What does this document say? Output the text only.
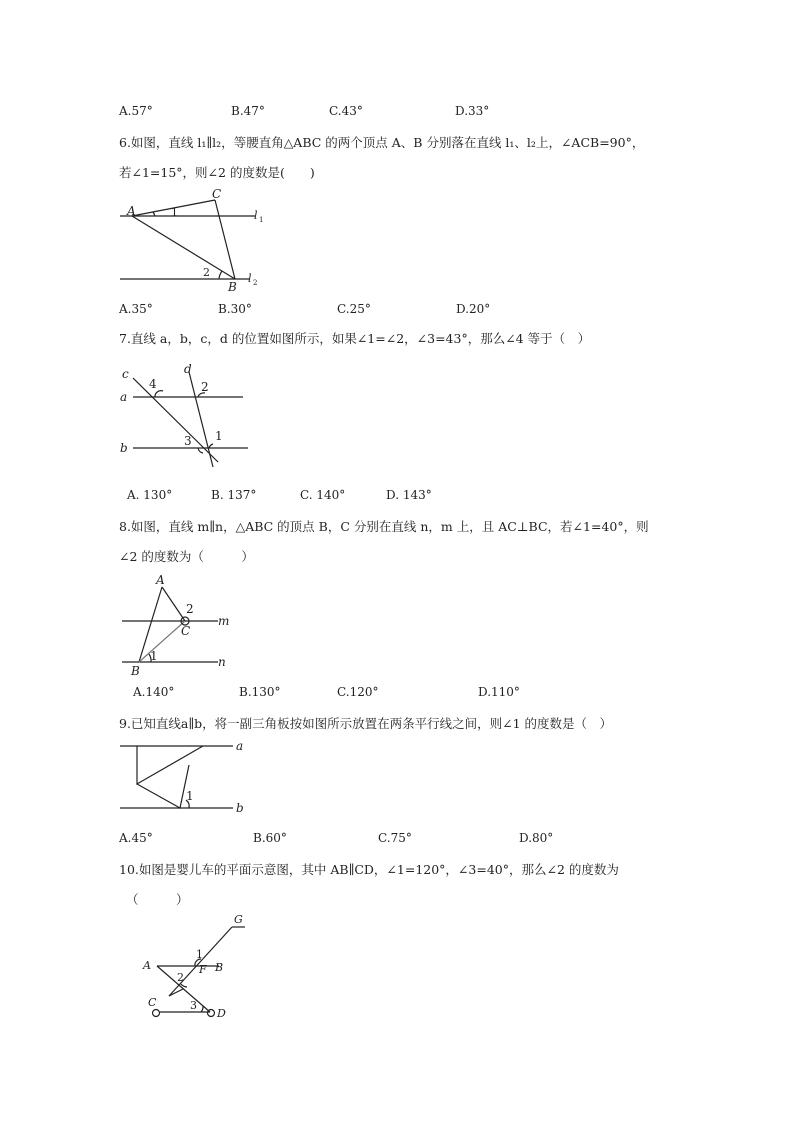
A.57°	B.47°	C.43°	D.33°
6.如图，直线 l₁∥l₂，等腰直角△ABC 的两个顶点 A、B 分别落在直线 l₁、l₂上，∠ACB=90°，
若∠1=15°，则∠2 的度数是(　　)
A
C
B
1
2
l 1
l 2
A.35°	B.30°	C.25°	D.20°
7.直线 a，b，c，d 的位置如图所示，如果∠1=∠2，∠3=43°，那么∠4 等于（　）
c	d
a
b
4	2
3 1
A. 130°	B. 137°	C. 140°	D. 143°
8.如图，直线 m∥n，△ABC 的顶点 B，C 分别在直线 n，m 上，且 AC⊥BC，若∠1=40°，则
∠2 的度数为（　　　）
A
C
B
m
n
2
1
A.140°	B.130°	C.120°	D.110°
9.已知直线a∥b，将一副三角板按如图所示放置在两条平行线之间，则∠1 的度数是（　）
a
b
1
A.45°	B.60°	C.75°	D.80°
10.如图是婴儿车的平面示意图，其中 AB∥CD，∠1=120°，∠3=40°，那么∠2 的度数为
（　　　）
G
A	B
F
C
D
1
2
3
